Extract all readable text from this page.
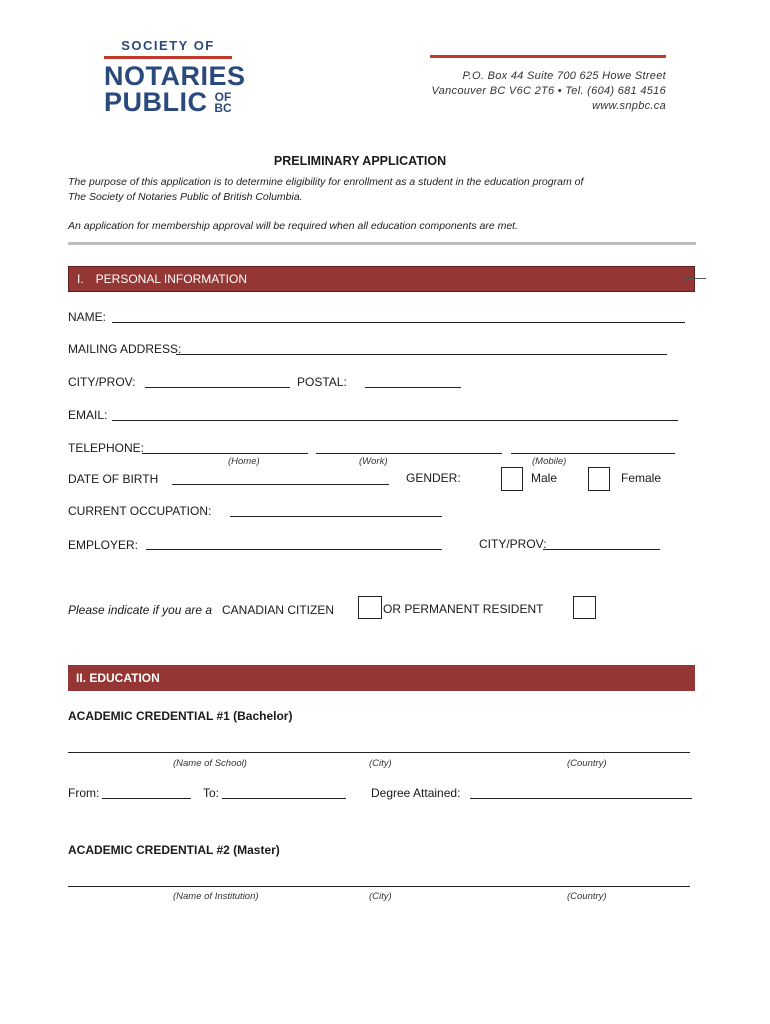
SOCIETY OF
NOTARIES
PUBLIC OF
BC
P.O. Box 44 Suite 700 625 Howe Street
Vancouver BC V6C 2T6 • Tel. (604) 681 4516
www.snpbc.ca
PRELIMINARY APPLICATION
The purpose of this application is to determine eligibility for enrollment as a student in the education program of
The Society of Notaries Public of British Columbia.
An application for membership approval will be required when all education components are met.
I. PERSONAL INFORMATION
NAME:
MAILING ADDRESS:
CITY/PROV:	POSTAL:
EMAIL:
TELEPHONE:
(Home)	(Work)	(Mobile)
DATE OF BIRTH	GENDER:	Male	Female
CURRENT OCCUPATION:
EMPLOYER:	CITY/PROV:
Please indicate if you are a CANADIAN CITIZEN	OR PERMANENT RESIDENT
II. EDUCATION
ACADEMIC CREDENTIAL #1 (Bachelor)
(Name of School)	(City)	(Country)
From:	To:	Degree Attained:
ACADEMIC CREDENTIAL #2 (Master)
(Name of Institution)	(City)	(Country)
